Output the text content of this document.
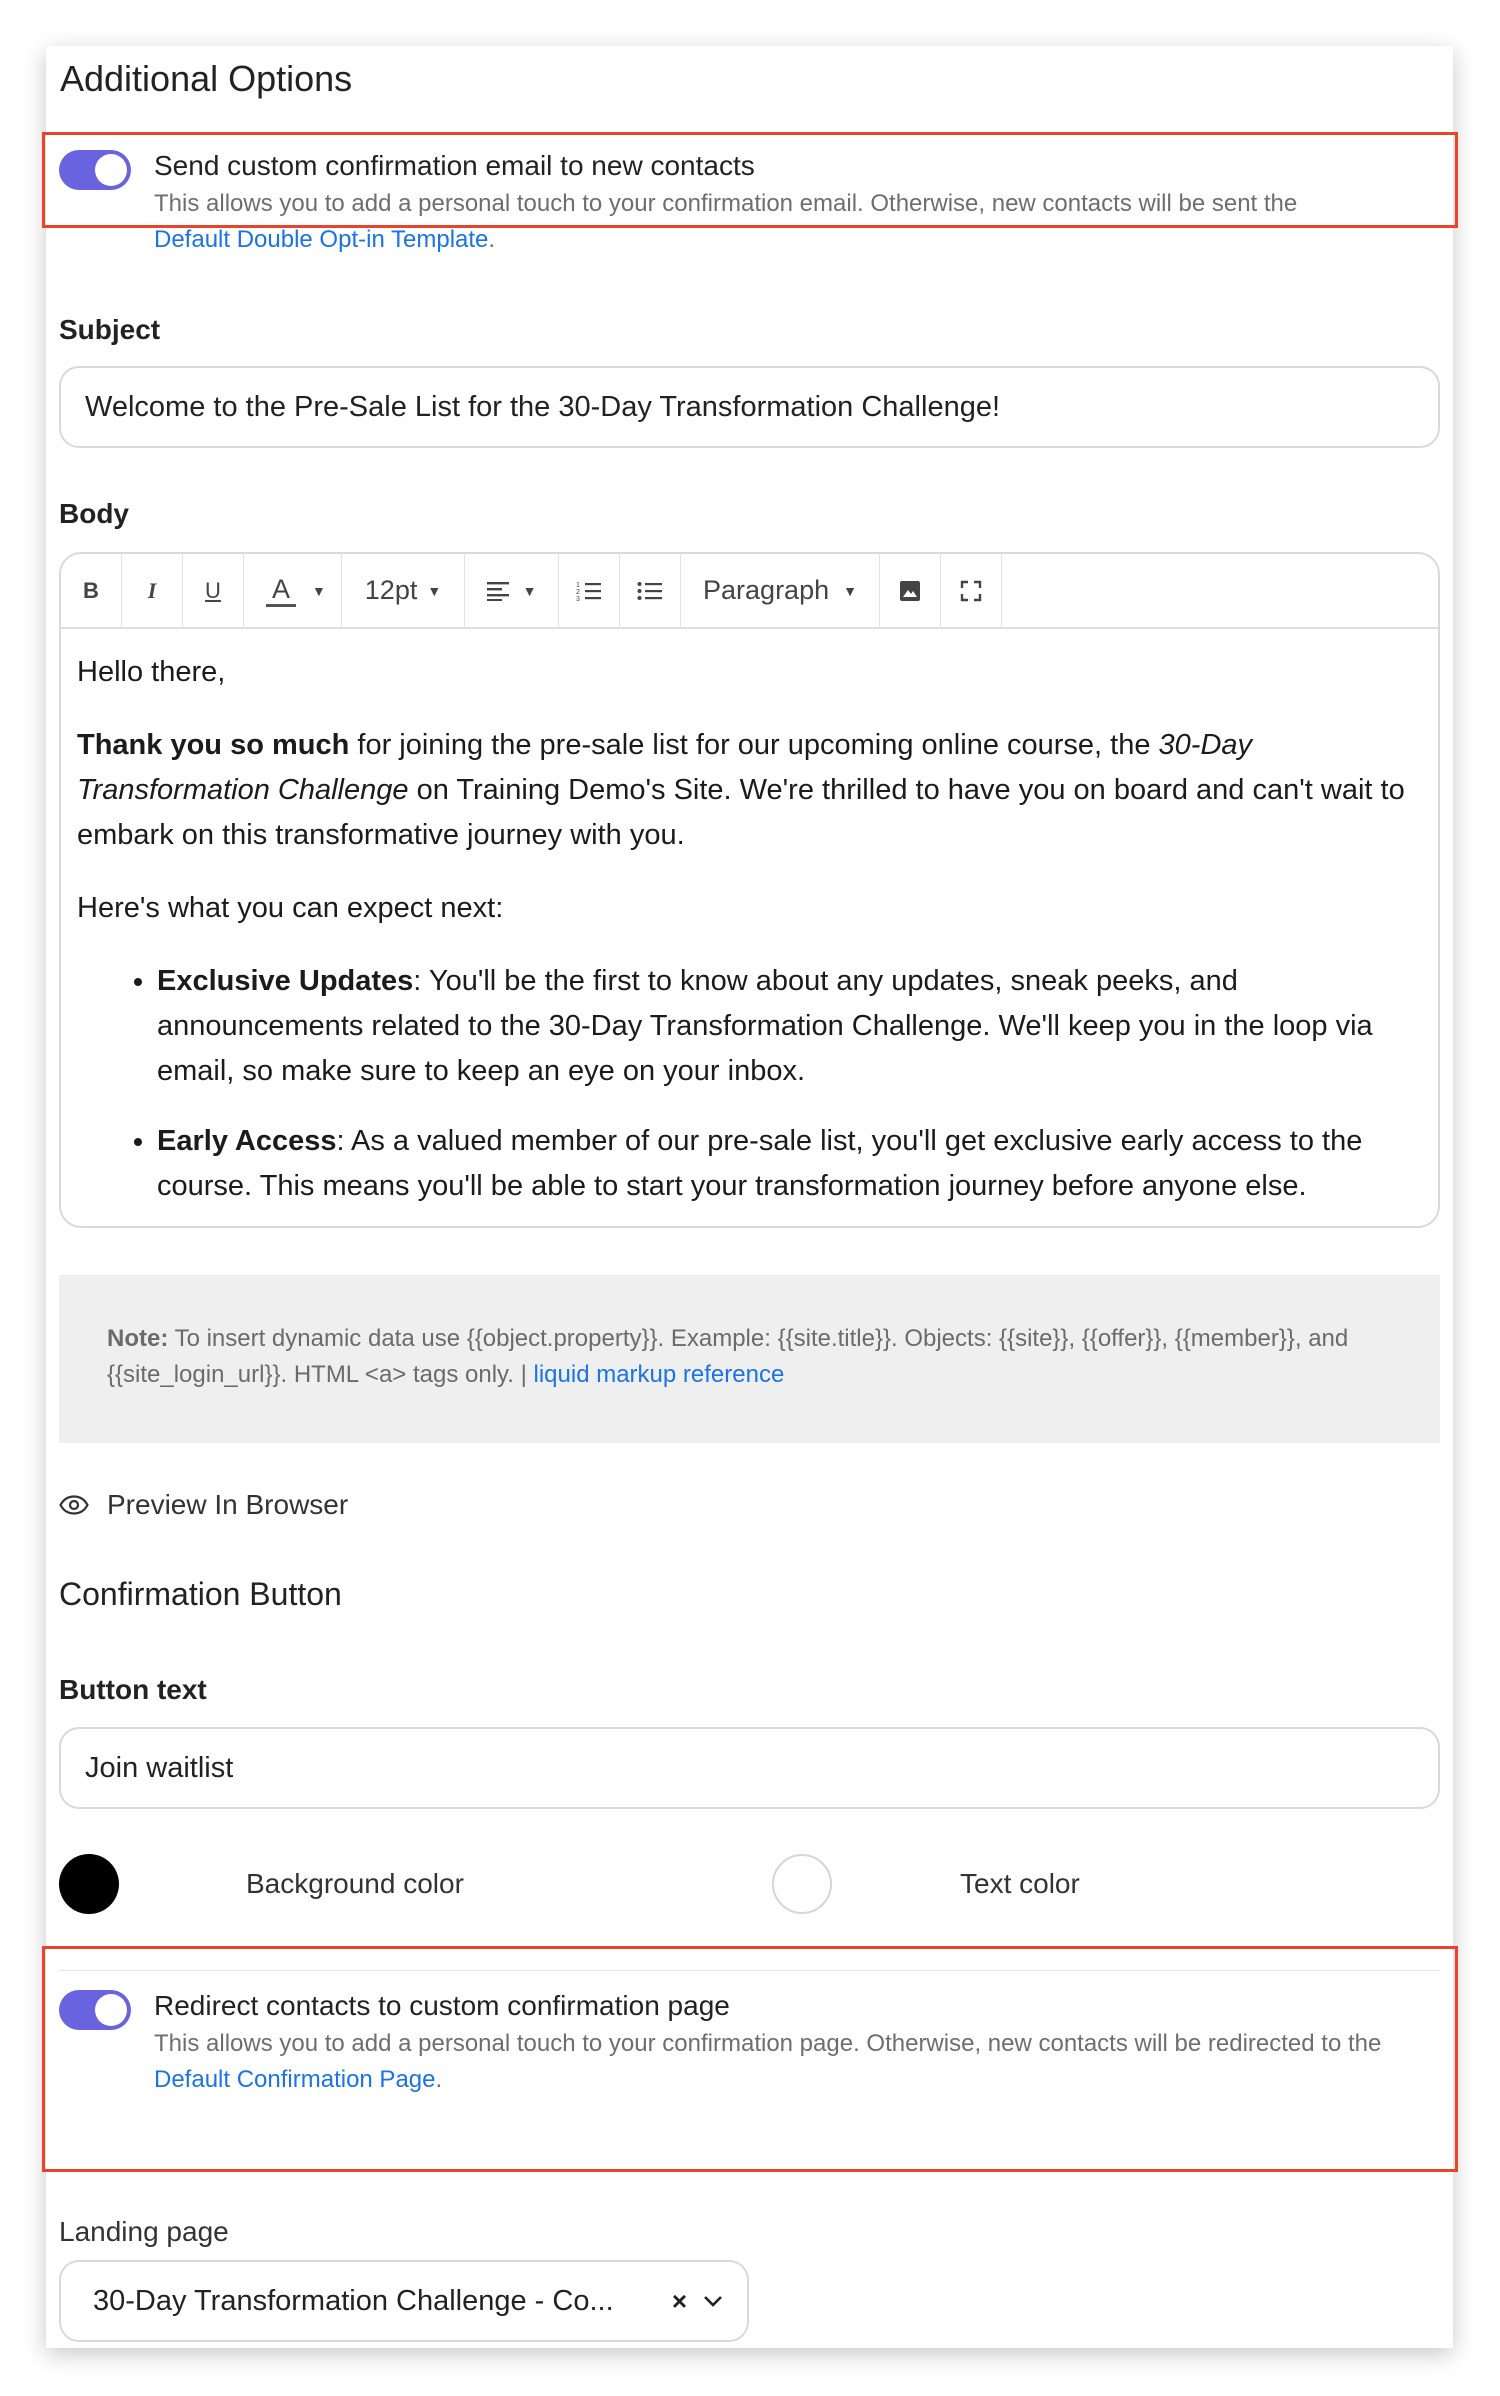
Additional Options
Send custom confirmation email to new contacts
This allows you to add a personal touch to your confirmation email. Otherwise, new contacts will be sent the
Default Double Opt-in Template.
Subject
Welcome to the Pre-Sale List for the 30-Day Transformation Challenge!
Body
B I U A	▼ 12pt ▼	▼	1
2
3	Paragraph ▼

Hello there,

Thank you so much for joining the pre-sale list for our upcoming online course, the 30-Day Transformation Challenge on Training Demo's Site. We're thrilled to have you on board and can't wait to embark on this transformative journey with you.

Here's what you can expect next:

• Exclusive Updates: You'll be the first to know about any updates, sneak peeks, and announcements related to the 30-Day Transformation Challenge. We'll keep you in the loop via email, so make sure to keep an eye on your inbox.
• Early Access: As a valued member of our pre-sale list, you'll get exclusive early access to the course. This means you'll be able to start your transformation journey before anyone else.
Note: To insert dynamic data use {{object.property}}. Example: {{site.title}}. Objects: {{site}}, {{offer}}, {{member}}, and {{site_login_url}}. HTML <a> tags only. | liquid markup reference
Preview In Browser
Confirmation Button
Button text
Join waitlist
Background color	Text color
Redirect contacts to custom confirmation page
This allows you to add a personal touch to your confirmation page. Otherwise, new contacts will be redirected to the Default Confirmation Page.
Landing page
30-Day Transformation Challenge - Co...	×
